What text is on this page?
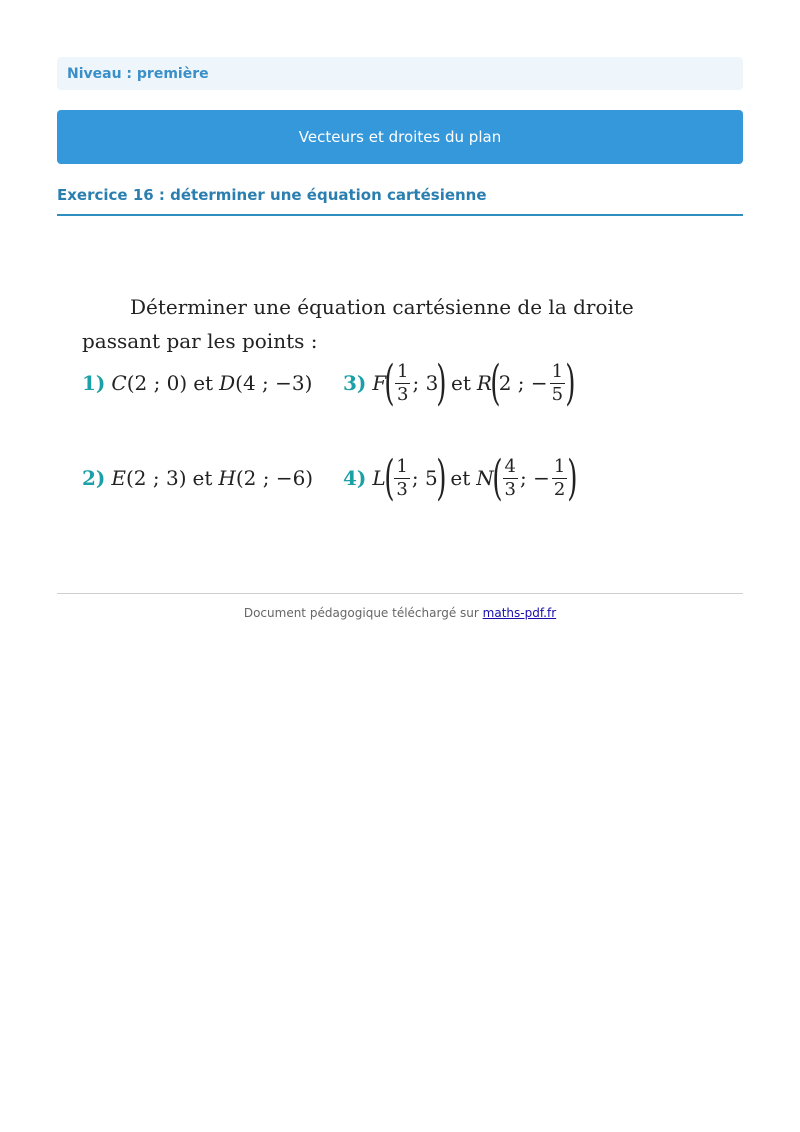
Niveau : première
Vecteurs et droites du plan
Exercice 16 : déterminer une équation cartésienne
Déterminer une équation cartésienne de la droite passant par les points :
1) C (2 ; 0) et D (4 ; −3)
2) E (2 ; 3) et H (2 ; −6)
3) F
( $\frac{1}{3}$ ; 3
) et R
(
2 ; − $\frac{1}{5}$ )
4) L
( $\frac{1}{3}$ ; 5
) et N
( $\frac{4}{3}$ ; − $\frac{1}{2}$ )
Document pédagogique téléchargé sur maths-pdf.fr
